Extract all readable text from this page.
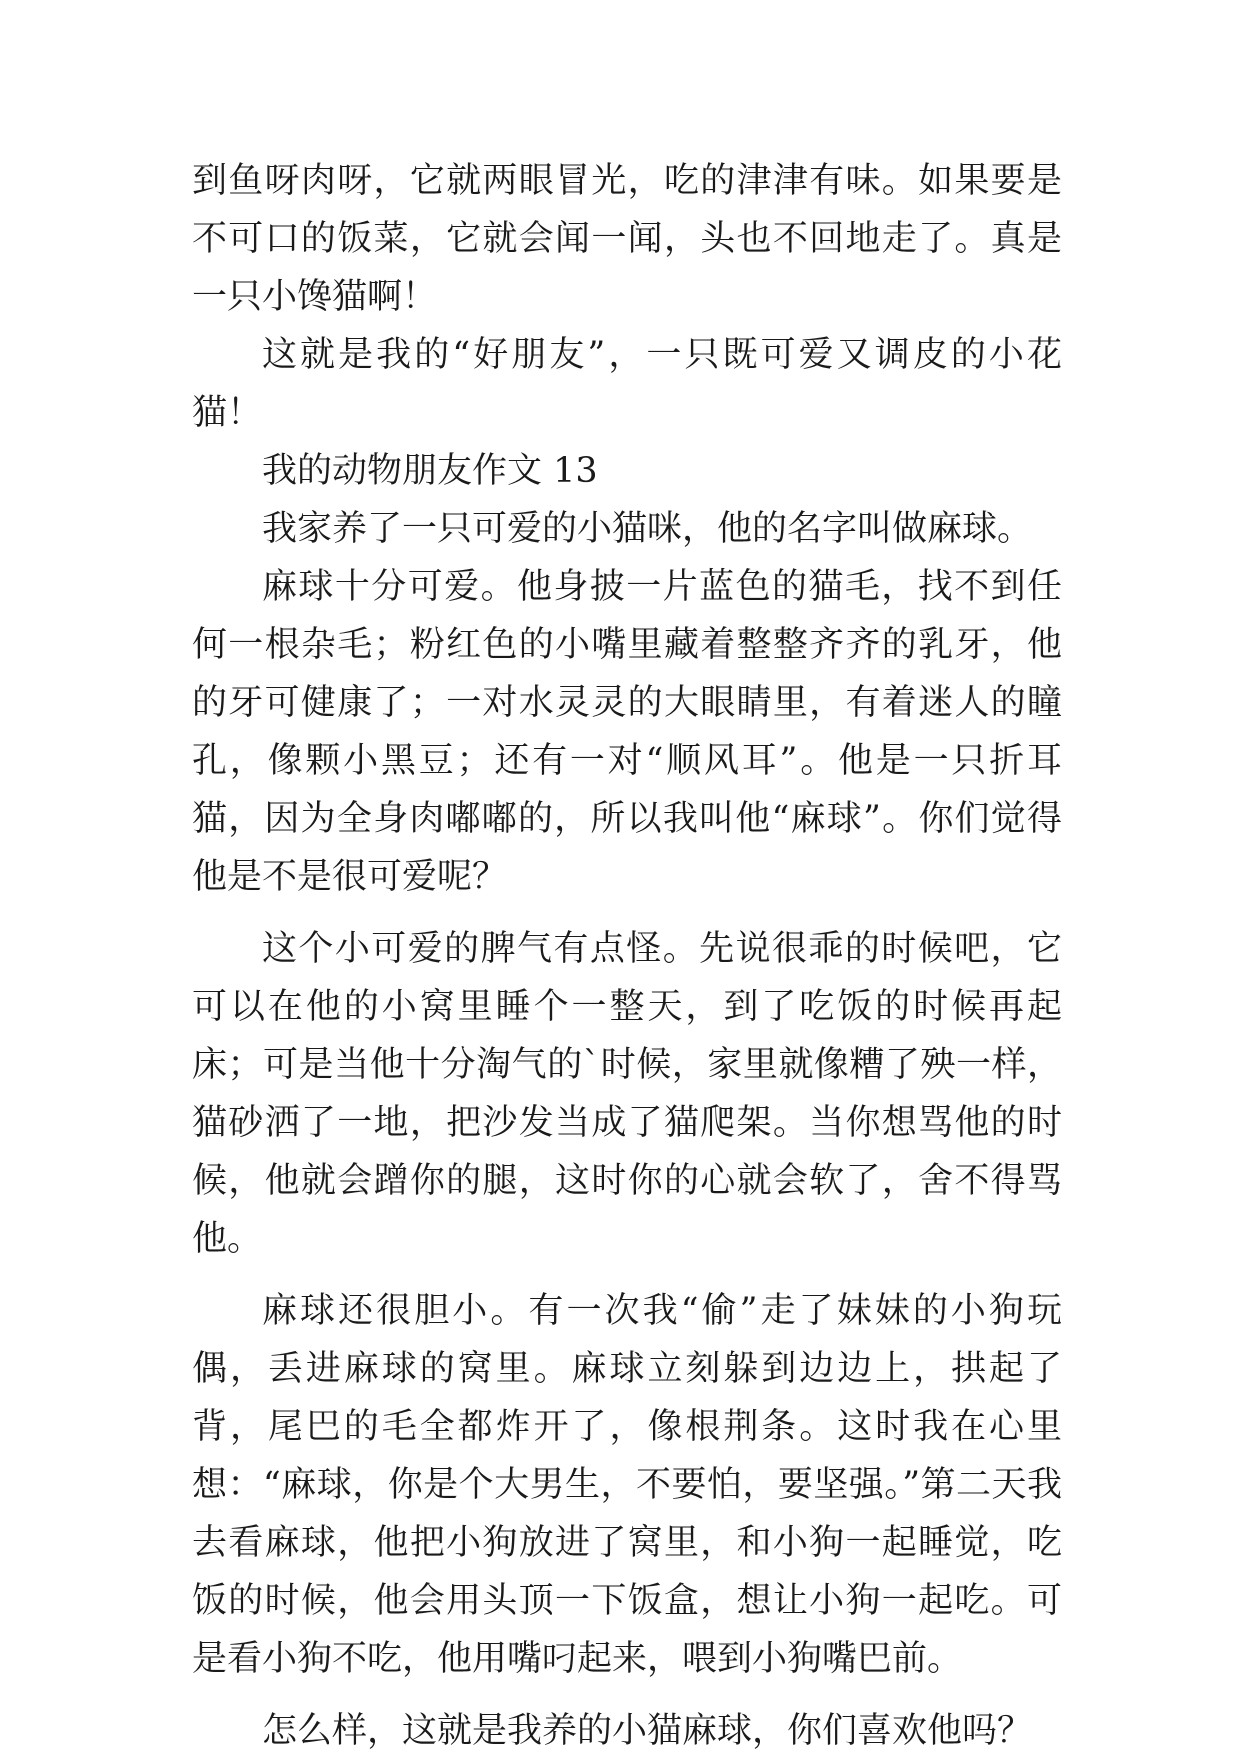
到鱼呀肉呀，它就两眼冒光，吃的津津有味。如果要是不可口的饭菜，它就会闻一闻，头也不回地走了。真是一只小馋猫啊！

这就是我的“好朋友”，一只既可爱又调皮的小花猫！

我的动物朋友作文 13

我家养了一只可爱的小猫咪，他的名字叫做麻球。

麻球十分可爱。他身披一片蓝色的猫毛，找不到任何一根杂毛；粉红色的小嘴里藏着整整齐齐的乳牙，他的牙可健康了；一对水灵灵的大眼睛里，有着迷人的瞳孔，像颗小黑豆；还有一对“顺风耳”。他是一只折耳猫，因为全身肉嘟嘟的，所以我叫他“麻球”。你们觉得他是不是很可爱呢？

这个小可爱的脾气有点怪。先说很乖的时候吧，它可以在他的小窝里睡个一整天，到了吃饭的时候再起床；可是当他十分淘气的`时候，家里就像糟了殃一样，猫砂洒了一地，把沙发当成了猫爬架。当你想骂他的时候，他就会蹭你的腿，这时你的心就会软了，舍不得骂他。

麻球还很胆小。有一次我“偷”走了妹妹的小狗玩偶，丢进麻球的窝里。麻球立刻躲到边边上，拱起了背，尾巴的毛全都炸开了，像根荆条。这时我在心里想：“麻球，你是个大男生，不要怕，要坚强。”第二天我去看麻球，他把小狗放进了窝里，和小狗一起睡觉，吃饭的时候，他会用头顶一下饭盒，想让小狗一起吃。可是看小狗不吃，他用嘴叼起来，喂到小狗嘴巴前。

怎么样，这就是我养的小猫麻球，你们喜欢他吗？
